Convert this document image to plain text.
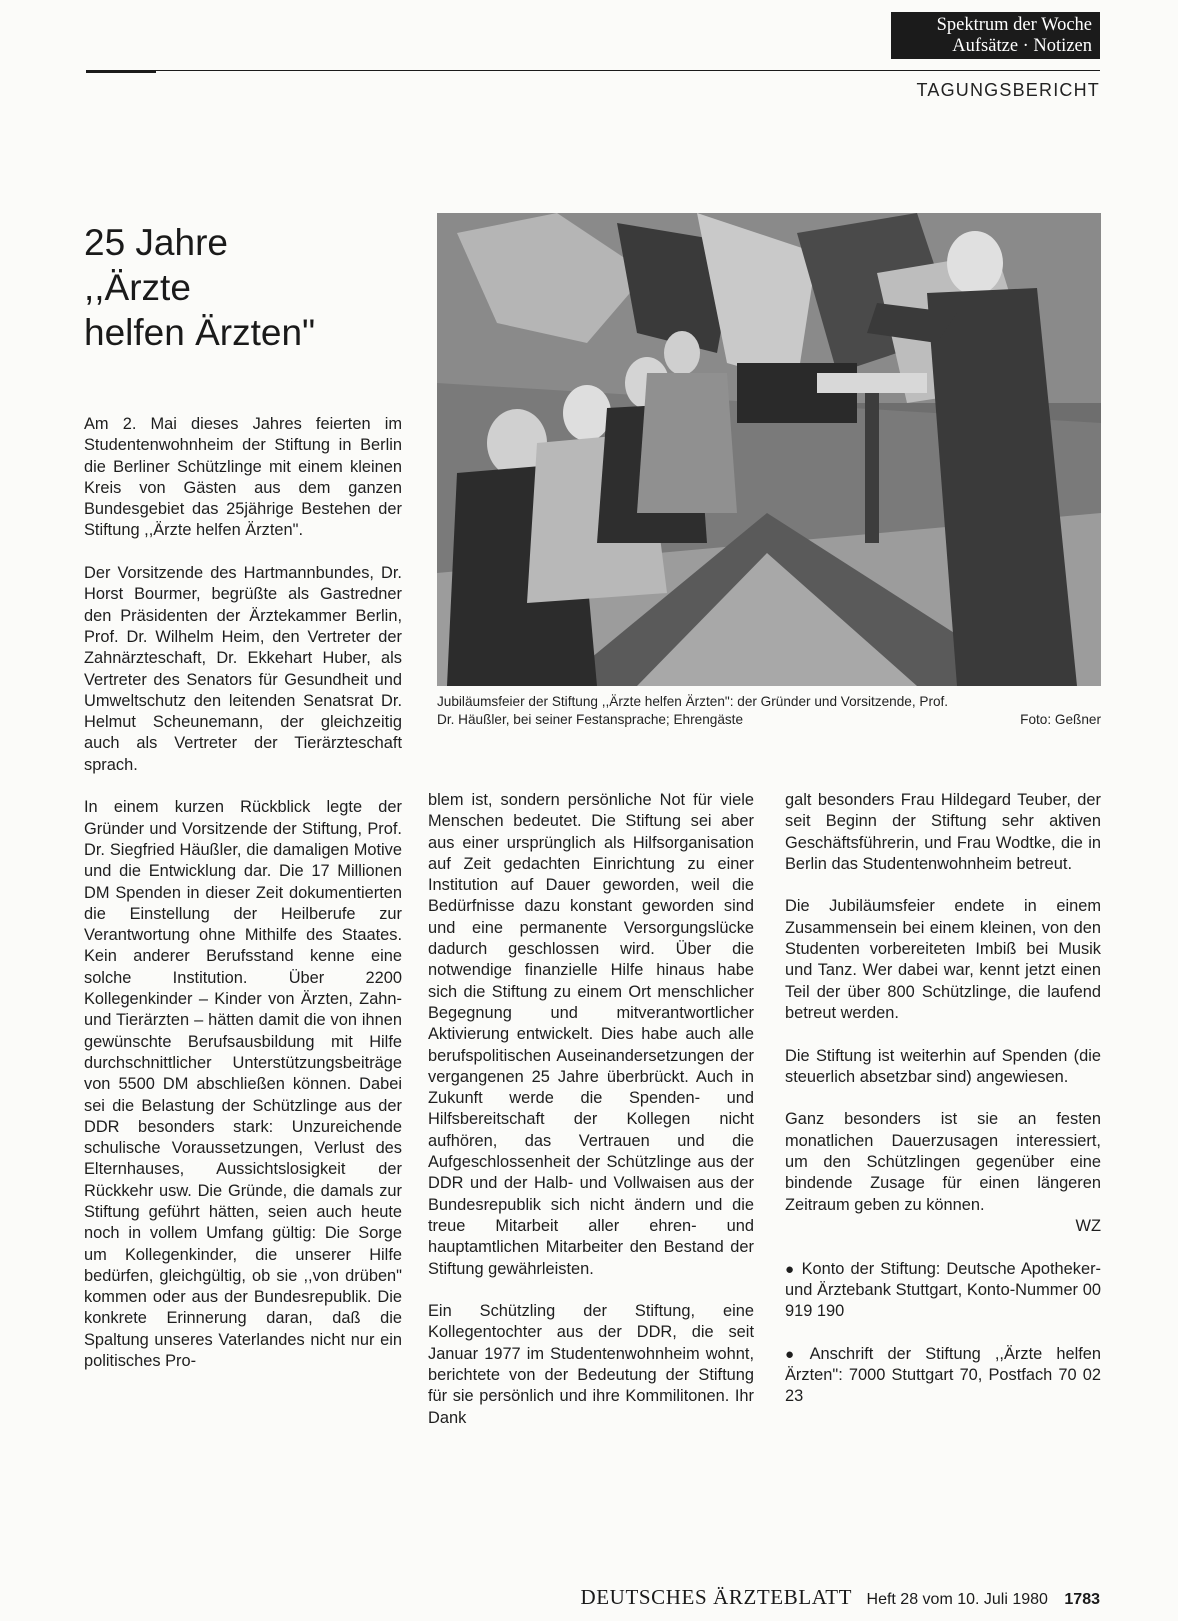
Spektrum der Woche
Aufsätze · Notizen
TAGUNGSBERICHT
25 Jahre
,,Ärzte
helfen Ärzten"
Jubiläumsfeier der Stiftung ,,Ärzte helfen Ärzten": der Gründer und Vorsitzende, Prof.
Dr. Häußler, bei seiner Festansprache; Ehrengäste	Foto: Geßner

Am 2. Mai dieses Jahres feierten im Studentenwohnheim der Stiftung in Berlin die Berliner Schützlinge mit einem kleinen Kreis von Gästen aus dem ganzen Bundesgebiet das 25jährige Bestehen der Stiftung ,,Ärzte helfen Ärzten".

Der Vorsitzende des Hartmannbundes, Dr. Horst Bourmer, begrüßte als Gastredner den Präsidenten der Ärztekammer Berlin, Prof. Dr. Wilhelm Heim, den Vertreter der Zahnärzteschaft, Dr. Ekkehart Huber, als Vertreter des Senators für Gesundheit und Umweltschutz den leitenden Senatsrat Dr. Helmut Scheunemann, der gleichzeitig auch als Vertreter der Tierärzteschaft sprach.

In einem kurzen Rückblick legte der Gründer und Vorsitzende der Stiftung, Prof. Dr. Siegfried Häußler, die damaligen Motive und die Entwicklung dar. Die 17 Millionen DM Spenden in dieser Zeit dokumentierten die Einstellung der Heilberufe zur Verantwortung ohne Mithilfe des Staates. Kein anderer Berufsstand kenne eine solche Institution. Über 2200 Kollegenkinder – Kinder von Ärzten, Zahn- und Tierärzten – hätten damit die von ihnen gewünschte Berufsausbildung mit Hilfe durchschnittlicher Unterstützungsbeiträge von 5500 DM abschließen können. Dabei sei die Belastung der Schützlinge aus der DDR besonders stark: Unzureichende schulische Voraussetzungen, Verlust des Elternhauses, Aussichtslosigkeit der Rückkehr usw. Die Gründe, die damals zur Stiftung geführt hätten, seien auch heute noch in vollem Umfang gültig: Die Sorge um Kollegenkinder, die unserer Hilfe bedürfen, gleichgültig, ob sie ,,von drüben" kommen oder aus der Bundesrepublik. Die konkrete Erinnerung daran, daß die Spaltung unseres Vaterlandes nicht nur ein politisches Pro-

blem ist, sondern persönliche Not für viele Menschen bedeutet. Die Stiftung sei aber aus einer ursprünglich als Hilfsorganisation auf Zeit gedachten Einrichtung zu einer Institution auf Dauer geworden, weil die Bedürfnisse dazu konstant geworden sind und eine permanente Versorgungslücke dadurch geschlossen wird. Über die notwendige finanzielle Hilfe hinaus habe sich die Stiftung zu einem Ort menschlicher Begegnung und mitverantwortlicher Aktivierung entwickelt. Dies habe auch alle berufspolitischen Auseinandersetzungen der vergangenen 25 Jahre überbrückt. Auch in Zukunft werde die Spenden- und Hilfsbereitschaft der Kollegen nicht aufhören, das Vertrauen und die Aufgeschlossenheit der Schützlinge aus der DDR und der Halb- und Vollwaisen aus der Bundesrepublik sich nicht ändern und die treue Mitarbeit aller ehren- und hauptamtlichen Mitarbeiter den Bestand der Stiftung gewährleisten.

Ein Schützling der Stiftung, eine Kollegentochter aus der DDR, die seit Januar 1977 im Studentenwohnheim wohnt, berichtete von der Bedeutung der Stiftung für sie persönlich und ihre Kommilitonen. Ihr Dank

galt besonders Frau Hildegard Teuber, der seit Beginn der Stiftung sehr aktiven Geschäftsführerin, und Frau Wodtke, die in Berlin das Studentenwohnheim betreut.

Die Jubiläumsfeier endete in einem Zusammensein bei einem kleinen, von den Studenten vorbereiteten Imbiß bei Musik und Tanz. Wer dabei war, kennt jetzt einen Teil der über 800 Schützlinge, die laufend betreut werden.

Die Stiftung ist weiterhin auf Spenden (die steuerlich absetzbar sind) angewiesen.

Ganz besonders ist sie an festen monatlichen Dauerzusagen interessiert, um den Schützlingen gegenüber eine bindende Zusage für einen längeren Zeitraum geben zu können.
WZ

● Konto der Stiftung: Deutsche Apotheker- und Ärztebank Stuttgart, Konto-Nummer 00 919 190

● Anschrift der Stiftung ,,Ärzte helfen Ärzten": 7000 Stuttgart 70, Postfach 70 02 23

DEUTSCHES ÄRZTEBLATT Heft 28 vom 10. Juli 1980 1783
